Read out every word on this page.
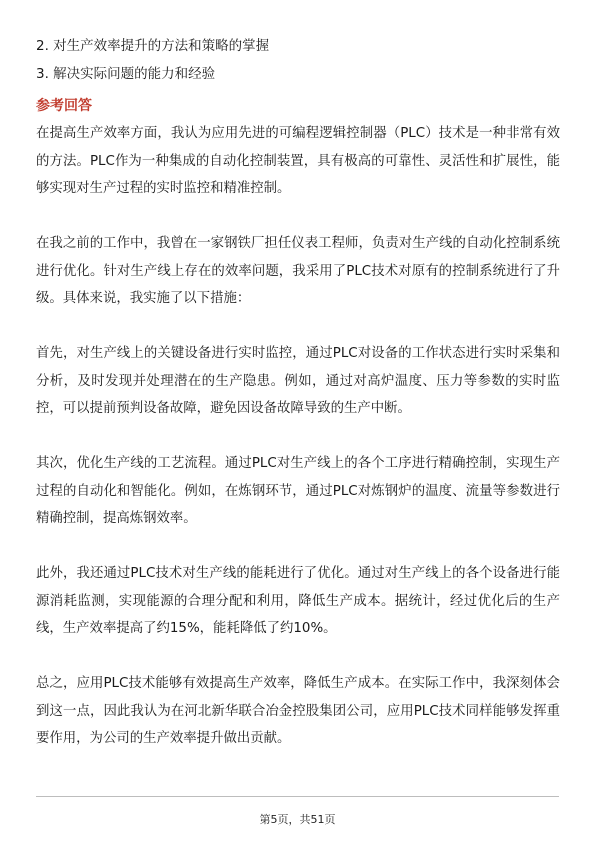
2. 对生产效率提升的方法和策略的掌握
3. 解决实际问题的能力和经验
参考回答

在提高生产效率方面，我认为应用先进的可编程逻辑控制器（PLC）技术是一种非常有效的方法。PLC作为一种集成的自动化控制装置，具有极高的可靠性、灵活性和扩展性，能够实现对生产过程的实时监控和精准控制。

在我之前的工作中，我曾在一家钢铁厂担任仪表工程师，负责对生产线的自动化控制系统进行优化。针对生产线上存在的效率问题，我采用了PLC技术对原有的控制系统进行了升级。具体来说，我实施了以下措施：

首先，对生产线上的关键设备进行实时监控，通过PLC对设备的工作状态进行实时采集和分析，及时发现并处理潜在的生产隐患。例如，通过对高炉温度、压力等参数的实时监控，可以提前预判设备故障，避免因设备故障导致的生产中断。

其次，优化生产线的工艺流程。通过PLC对生产线上的各个工序进行精确控制，实现生产过程的自动化和智能化。例如，在炼钢环节，通过PLC对炼钢炉的温度、流量等参数进行精确控制，提高炼钢效率。

此外，我还通过PLC技术对生产线的能耗进行了优化。通过对生产线上的各个设备进行能源消耗监测，实现能源的合理分配和利用，降低生产成本。据统计，经过优化后的生产线，生产效率提高了约15%，能耗降低了约10%。

总之，应用PLC技术能够有效提高生产效率，降低生产成本。在实际工作中，我深刻体会到这一点，因此我认为在河北新华联合冶金控股集团公司，应用PLC技术同样能够发挥重要作用，为公司的生产效率提升做出贡献。

第5页，共51页
